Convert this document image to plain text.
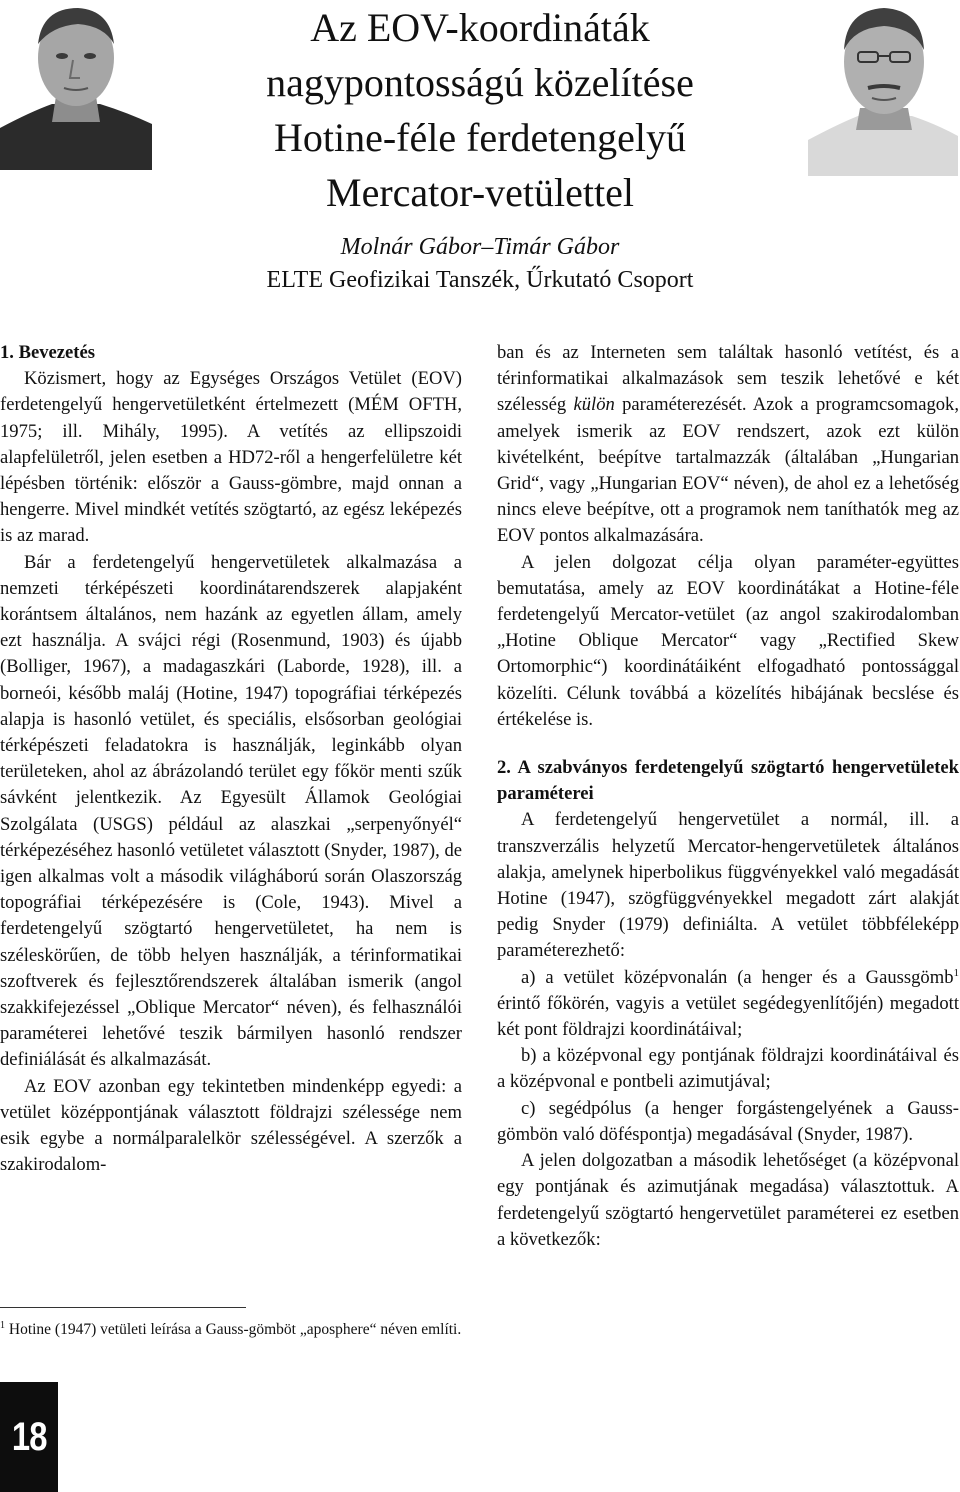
Az EOV-koordináták
nagypontosságú közelítése
Hotine-féle ferdetengelyű
Mercator-vetülettel
Molnár Gábor–Timár Gábor
ELTE Geofizikai Tanszék, Űrkutató Csoport

1. Bevezetés

Közismert, hogy az Egységes Országos Vetület (EOV) ferdetengelyű hengervetületként értelmezett (MÉM OFTH, 1975; ill. Mihály, 1995). A vetítés az ellipszoidi alapfelületről, jelen esetben a HD72-ről a hengerfelületre két lépésben történik: először a Gauss-gömbre, majd onnan a hengerre. Mivel mindkét vetítés szögtartó, az egész leképezés is az marad.

Bár a ferdetengelyű hengervetületek alkalmazása a nemzeti térképészeti koordinátarendszerek alapjaként korántsem általános, nem hazánk az egyetlen állam, amely ezt használja. A svájci régi (Rosenmund, 1903) és újabb (Bolliger, 1967), a madagaszkári (Laborde, 1928), ill. a borneói, később maláj (Hotine, 1947) topográfiai térképezés alapja is hasonló vetület, és speciális, elsősorban geológiai térképészeti feladatokra is használják, leginkább olyan területeken, ahol az ábrázolandó terület egy főkör menti szűk sávként jelentkezik. Az Egyesült Államok Geológiai Szolgálata (USGS) például az alaszkai „serpenyőnyél“ térképezéséhez hasonló vetületet választott (Snyder, 1987), de igen alkalmas volt a második világháború során Olaszország topográfiai térképezésére is (Cole, 1943). Mivel a ferdetengelyű szögtartó hengervetületet, ha nem is széleskörűen, de több helyen használják, a térinformatikai szoftverek és fejlesztőrendszerek általában ismerik (angol szakkifejezéssel „Oblique Mercator“ néven), és felhasználói paraméterei lehetővé teszik bármilyen hasonló rendszer definiálását és alkalmazását.

Az EOV azonban egy tekintetben mindenképp egyedi: a vetület középpontjának választott földrajzi szélessége nem esik egybe a normálparalelkör szélességével. A szerzők a szakirodalom-

$^1$ Hotine (1947) vetületi leírása a Gauss-gömböt „aposphere“ néven említi.

ban és az Interneten sem találtak hasonló vetítést, és a térinformatikai alkalmazások sem teszik lehetővé e két szélesség külön paraméterezését. Azok a programcsomagok, amelyek ismerik az EOV rendszert, azok ezt külön kivételként, beépítve tartalmazzák (általában „Hungarian Grid“, vagy „Hungarian EOV“ néven), de ahol ez a lehetőség nincs eleve beépítve, ott a programok nem taníthatók meg az EOV pontos alkalmazására.

A jelen dolgozat célja olyan paraméter-együttes bemutatása, amely az EOV koordinátákat a Hotine-féle ferdetengelyű Mercator-vetület (az angol szakirodalomban „Hotine Oblique Mercator“ vagy „Rectified Skew Ortomorphic“) koordinátáiként elfogadható pontossággal közelíti. Célunk továbbá a közelítés hibájának becslése és értékelése is.

2. A szabványos ferdetengelyű szögtartó hengervetületek paraméterei

A ferdetengelyű hengervetület a normál, ill. a transzverzális helyzetű Mercator-hengervetületek általános alakja, amelynek hiperbolikus függvényekkel való megadását Hotine (1947), szögfüggvényekkel megadott zárt alakját pedig Snyder (1979) definiálta. A vetület többféleképp paraméterezhető:

a) a vetület középvonalán (a henger és a Gaussgömb$^1$ érintő főkörén, vagyis a vetület segédegyenlítőjén) megadott két pont földrajzi koordinátáival;

b) a középvonal egy pontjának földrajzi koordinátáival és a középvonal e pontbeli azimutjával;

c) segédpólus (a henger forgástengelyének a Gauss-gömbön való döféspontja) megadásával (Snyder, 1987).

A jelen dolgozatban a második lehetőséget (a középvonal egy pontjának és azimutjának megadása) választottuk. A ferdetengelyű szögtartó hengervetület paraméterei ez esetben a következők:

18
